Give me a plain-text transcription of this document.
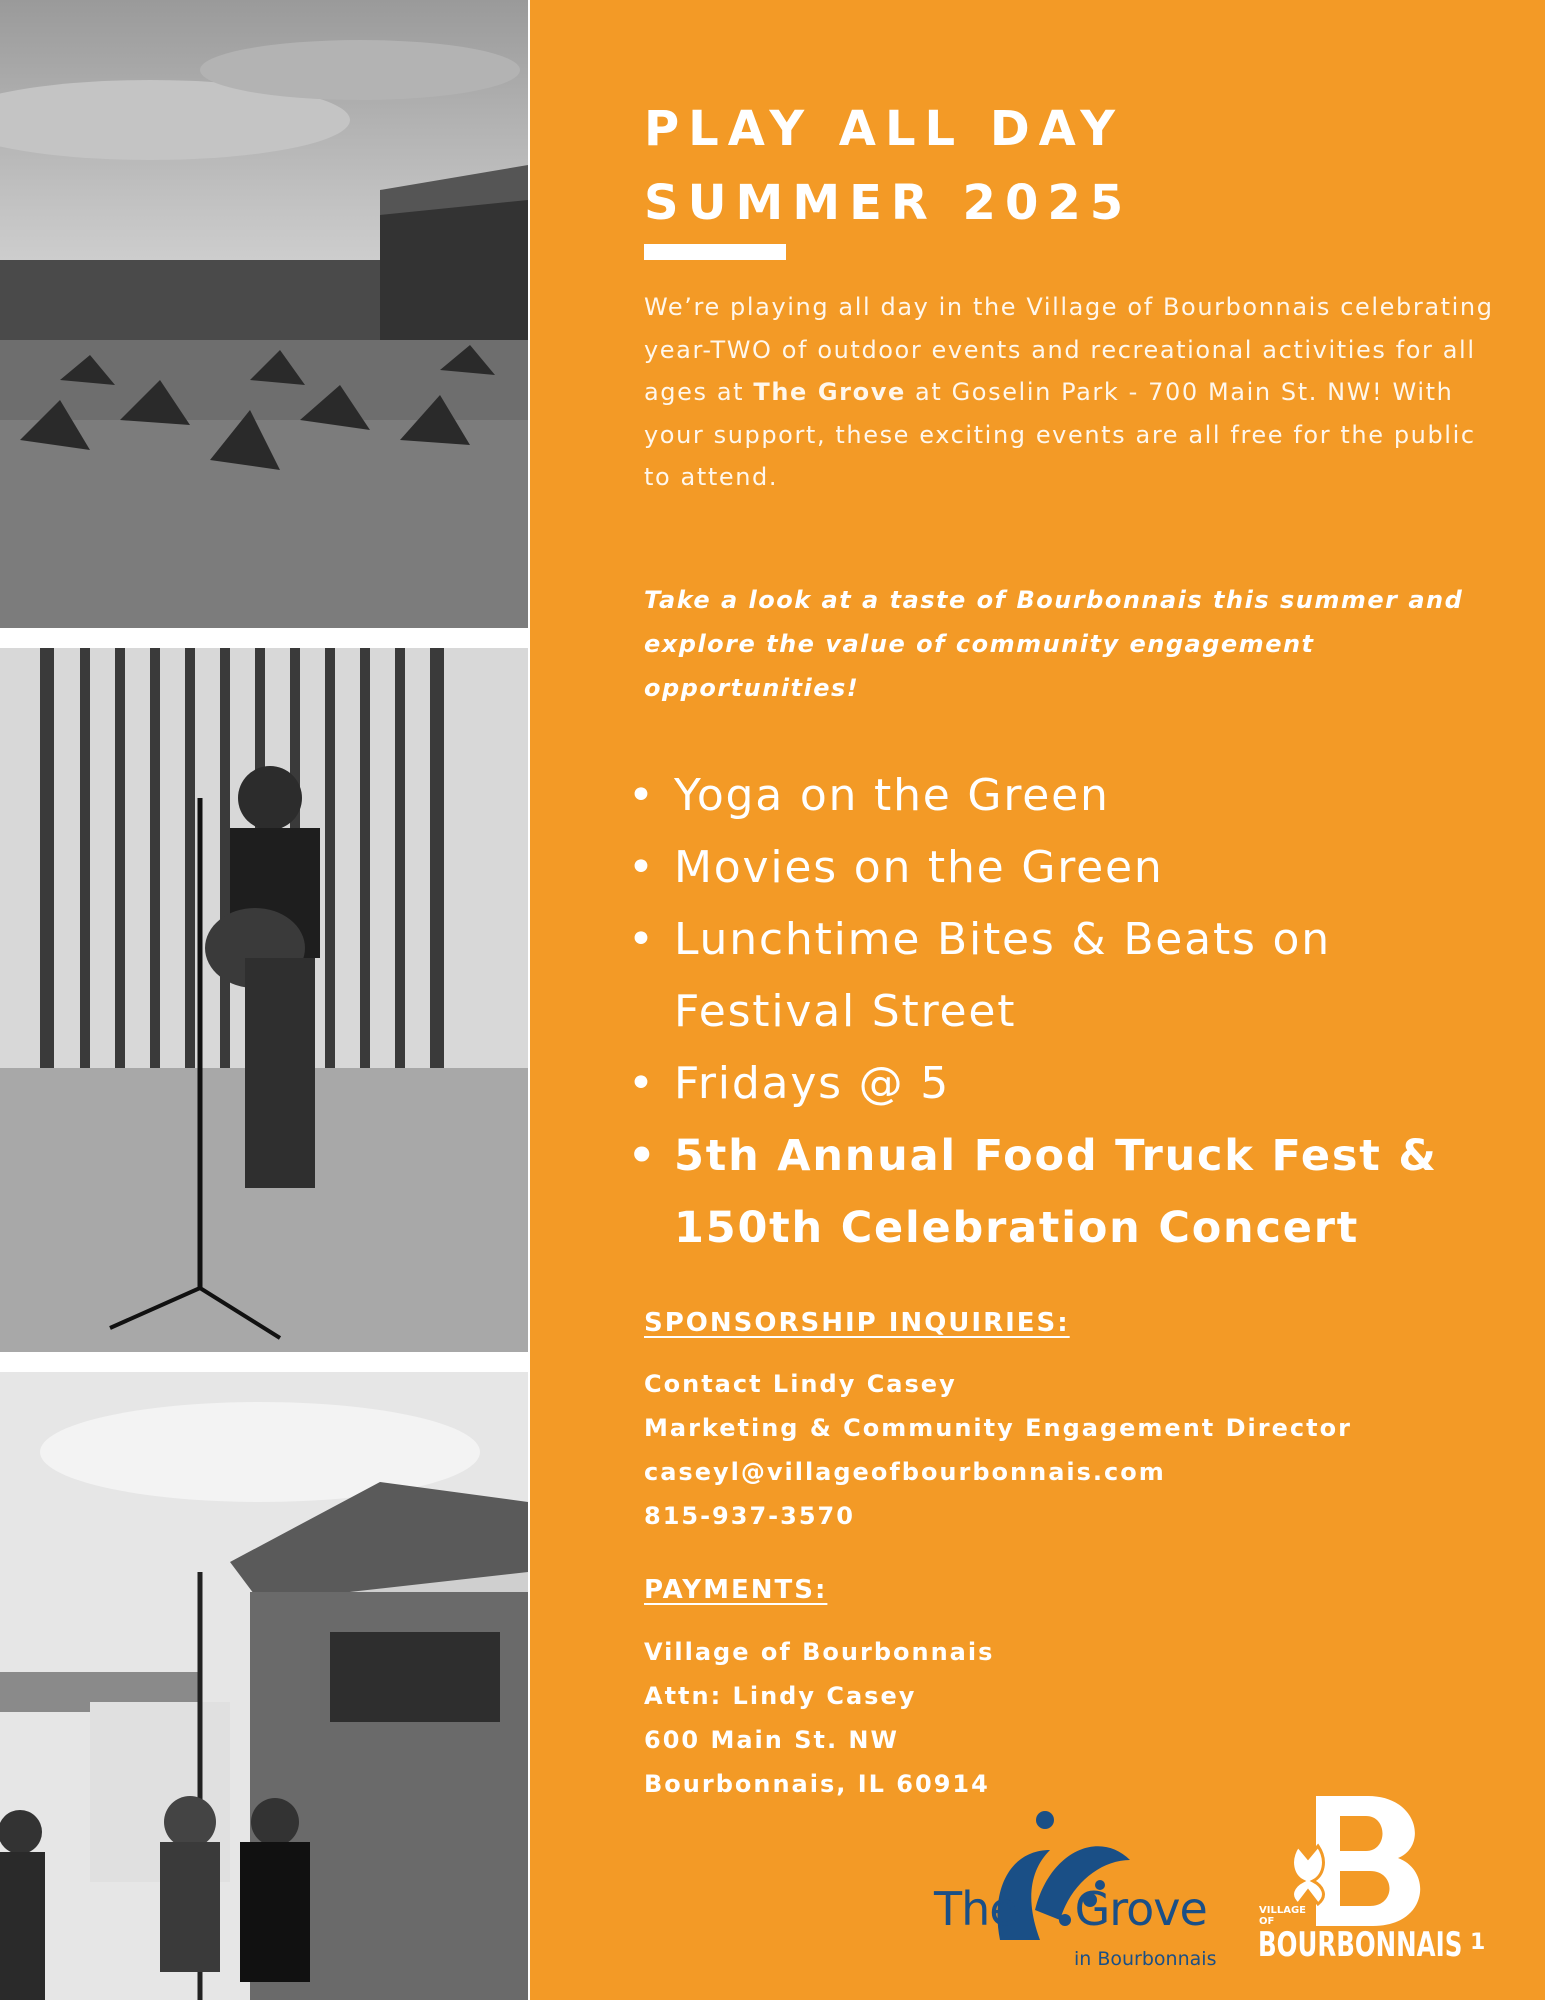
PLAY ALL DAY
SUMMER 2025

We’re playing all day in the Village of Bourbonnais celebrating year-TWO of outdoor events and recreational activities for all ages at The Grove at Goselin Park - 700 Main St. NW! With your support, these exciting events are all free for the public to attend.

Take a look at a taste of Bourbonnais this summer and explore the value of community engagement opportunities!

• Yoga on the Green
• Movies on the Green
• Lunchtime Bites & Beats on Festival Street
• Fridays @ 5
• 5th Annual Food Truck Fest & 150th Celebration Concert
SPONSORSHIP INQUIRIES:
Contact Lindy Casey
Marketing & Community Engagement Director
caseyl@villageofbourbonnais.com
815-937-3570
PAYMENTS:
Village of Bourbonnais
Attn: Lindy Casey
600 Main St. NW
Bourbonnais, IL 60914
The Grove
in Bourbonnais
VILLAGE OF
BOURBONNAIS 1
